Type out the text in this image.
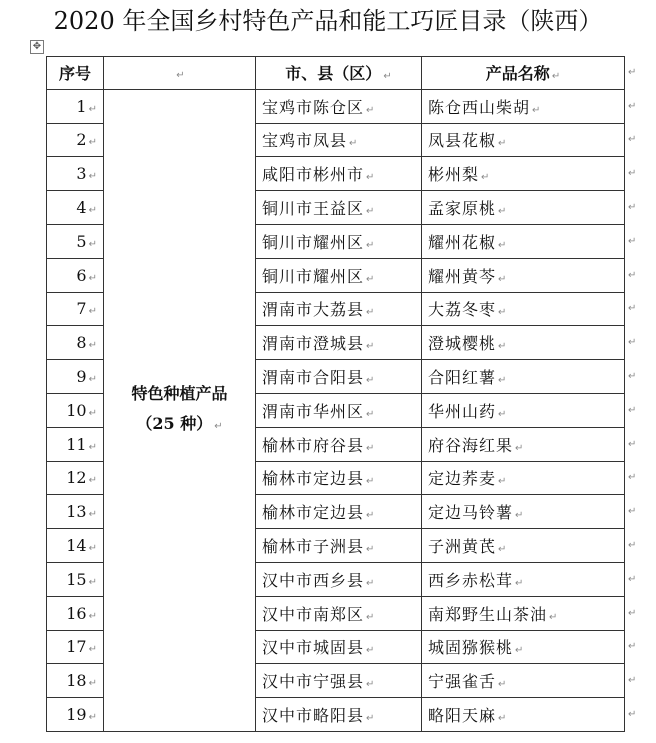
2020 年全国乡村特色产品和能工巧匠目录（陕西）
✥
序号	↵	市、县（区） ↵	产品名称 ↵	↵
1 ↵	特色种植产品
（25 种） ↵	宝鸡市陈仓区 ↵	陈仓西山柴胡 ↵	↵
2 ↵		宝鸡市凤县 ↵	凤县花椒 ↵	↵
3 ↵		咸阳市彬州市 ↵	彬州梨 ↵	↵
4 ↵		铜川市王益区 ↵	孟家原桃 ↵	↵
5 ↵		铜川市耀州区 ↵	耀州花椒 ↵	↵
6 ↵		铜川市耀州区 ↵	耀州黄芩 ↵	↵
7 ↵		渭南市大荔县 ↵	大荔冬枣 ↵	↵
8 ↵		渭南市澄城县 ↵	澄城樱桃 ↵	↵
9 ↵		渭南市合阳县 ↵	合阳红薯 ↵	↵
10 ↵		渭南市华州区 ↵	华州山药 ↵	↵
11 ↵		榆林市府谷县 ↵	府谷海红果 ↵	↵
12 ↵		榆林市定边县 ↵	定边荞麦 ↵	↵
13 ↵		榆林市定边县 ↵	定边马铃薯 ↵	↵
14 ↵		榆林市子洲县 ↵	子洲黄芪 ↵	↵
15 ↵		汉中市西乡县 ↵	西乡赤松茸 ↵	↵
16 ↵		汉中市南郑区 ↵	南郑野生山茶油 ↵	↵
17 ↵		汉中市城固县 ↵	城固猕猴桃 ↵	↵
18 ↵		汉中市宁强县 ↵	宁强雀舌 ↵	↵
19 ↵		汉中市略阳县 ↵	略阳天麻 ↵	↵
